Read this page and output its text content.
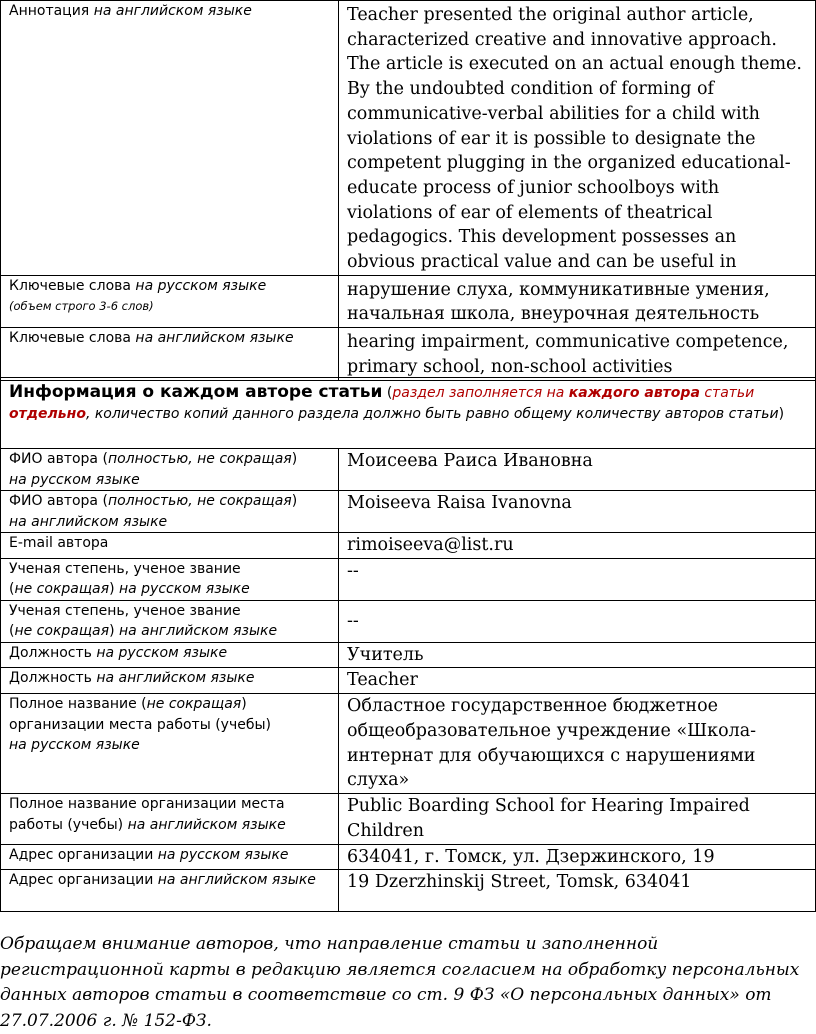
Аннотация на английском языке	Teacher presented the original author article, characterized creative and innovative approach. The article is executed on an actual enough theme. By the undoubted condition of forming of communicative-verbal abilities for a child with violations of ear it is possible to designate the competent plugging in the organized educational-educate process of junior schoolboys with violations of ear of elements of theatrical pedagogics. This development possesses an obvious practical value and can be useful in
Ключевые слова на русском языке
(объем строго 3-6 слов)	нарушение слуха, коммуникативные умения, начальная школа, внеурочная деятельность
Ключевые слова на английском языке	hearing impairment, communicative competence, primary school, non-school activities
Информация о каждом авторе статьи (раздел заполняется на каждого автора статьи отдельно, количество копий данного раздела должно быть равно общему количеству авторов статьи)
ФИО автора (полностью, не сокращая)
на русском языке	Моисеева Раиса Ивановна
ФИО автора (полностью, не сокращая)
на английском языке	Moiseeva Raisa Ivanovna
E-mail автора	rimoiseeva@list.ru
Ученая степень, ученое звание
(не сокращая) на русском языке	--
Ученая степень, ученое звание
(не сокращая) на английском языке	--
Должность на русском языке	Учитель
Должность на английском языке	Teacher
Полное название (не сокращая)
организации места работы (учебы)
на русском языке	Областное государственное бюджетное общеобразовательное учреждение «Школа-интернат для обучающихся с нарушениями слуха»
Полное название организации места
работы (учебы) на английском языке	Public Boarding School for Hearing Impaired Children
Адрес организации на русском языке	634041, г. Томск, ул. Дзержинского, 19
Адрес организации на английском языке	19 Dzerzhinskij Street, Tomsk, 634041
Обращаем внимание авторов, что направление статьи и заполненной регистрационной карты в редакцию является согласием на обработку персональных данных авторов статьи в соответствие со ст. 9 ФЗ «О персональных данных» от 27.07.2006 г. № 152-ФЗ.
